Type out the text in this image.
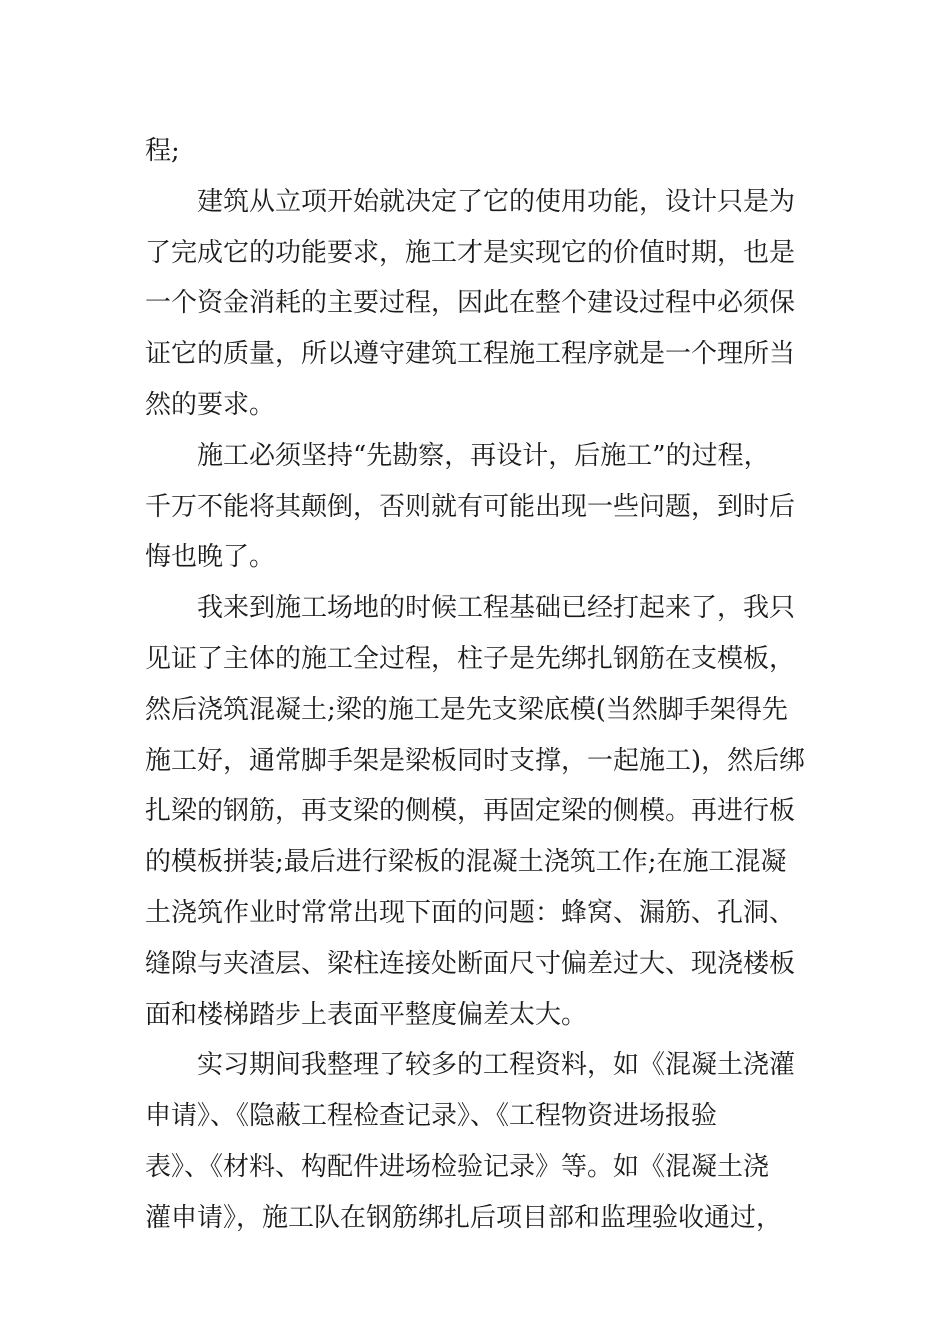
程;
建筑从立项开始就决定了它的使用功能，设计只是为
了完成它的功能要求，施工才是实现它的价值时期，也是
一个资金消耗的主要过程，因此在整个建设过程中必须保
证它的质量，所以遵守建筑工程施工程序就是一个理所当
然的要求。
施工必须坚持“先勘察，再设计，后施工”的过程，
千万不能将其颠倒，否则就有可能出现一些问题，到时后
悔也晚了。
我来到施工场地的时候工程基础已经打起来了，我只
见证了主体的施工全过程，柱子是先绑扎钢筋在支模板，
然后浇筑混凝土;梁的施工是先支梁底模(当然脚手架得先
施工好，通常脚手架是梁板同时支撑，一起施工)，然后绑
扎梁的钢筋，再支梁的侧模，再固定梁的侧模。再进行板
的模板拼装;最后进行梁板的混凝土浇筑工作;在施工混凝
土浇筑作业时常常出现下面的问题：蜂窝、漏筋、孔洞、
缝隙与夹渣层、梁柱连接处断面尺寸偏差过大、现浇楼板
面和楼梯踏步上表面平整度偏差太大。
实习期间我整理了较多的工程资料，如《混凝土浇灌
申请》、《隐蔽工程检查记录》、《工程物资进场报验
表》、《材料、构配件进场检验记录》等。如《混凝土浇
灌申请》，施工队在钢筋绑扎后项目部和监理验收通过，
